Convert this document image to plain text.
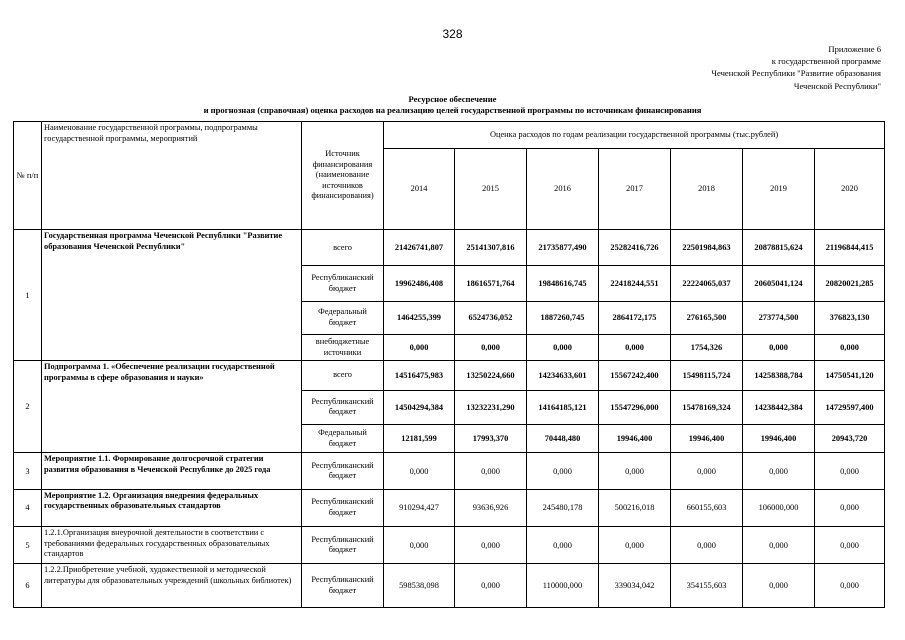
328
Приложение 6
к государственной программе
Чеченской Республики "Развитие образования
Чеченской Республики"
Ресурсное обеспечение
и прогнозная (справочная) оценка расходов на реализацию целей государственной программы по источникам финансирования
№ п/п	Наименование государственной программы, подпрограммы государственной программы, мероприятий	Источник финансирования (наименование источников финансирования)	Оценка расходов по годам реализации государственной программы (тыс.рублей)						
			2014	2015	2016	2017	2018	2019	2020
1	Государственная программа Чеченской Республики "Развитие образования Чеченской Республики"	всего	21426741,807	25141307,816	21735877,490	25282416,726	22501984,863	20878815,624	21196844,415
		Республиканский бюджет	19962486,408	18616571,764	19848616,745	22418244,551	22224065,037	20605041,124	20820021,285
		Федеральный бюджет	1464255,399	6524736,052	1887260,745	2864172,175	276165,500	273774,500	376823,130
		внебюджетные источники	0,000	0,000	0,000	0,000	1754,326	0,000	0,000
2	Подпрограмма 1. «Обеспечение реализации государственной программы в сфере образования и науки»	всего	14516475,983	13250224,660	14234633,601	15567242,400	15498115,724	14258388,784	14750541,120
		Республиканский бюджет	14504294,384	13232231,290	14164185,121	15547296,000	15478169,324	14238442,384	14729597,400
		Федеральный бюджет	12181,599	17993,370	70448,480	19946,400	19946,400	19946,400	20943,720
3	Мероприятие 1.1. Формирование долгосрочной стратегии развития образования в Чеченской Республике до 2025 года	Республиканский бюджет	0,000	0,000	0,000	0,000	0,000	0,000	0,000
4	Мероприятие 1.2. Организация внедрения федеральных государственных образовательных стандартов	Республиканский бюджет	910294,427	93636,926	245480,178	500216,018	660155,603	106000,000	0,000
5	1.2.1.Организация внеурочной деятельности в соответствии с требованиями федеральных государственных образовательных стандартов	Республиканский бюджет	0,000	0,000	0,000	0,000	0,000	0,000	0,000
6	1.2.2.Приобретение учебной, художественной и методической литературы для образовательных учреждений (школьных библиотек)	Республиканский бюджет	598538,098	0,000	110000,000	339034,042	354155,603	0,000	0,000
